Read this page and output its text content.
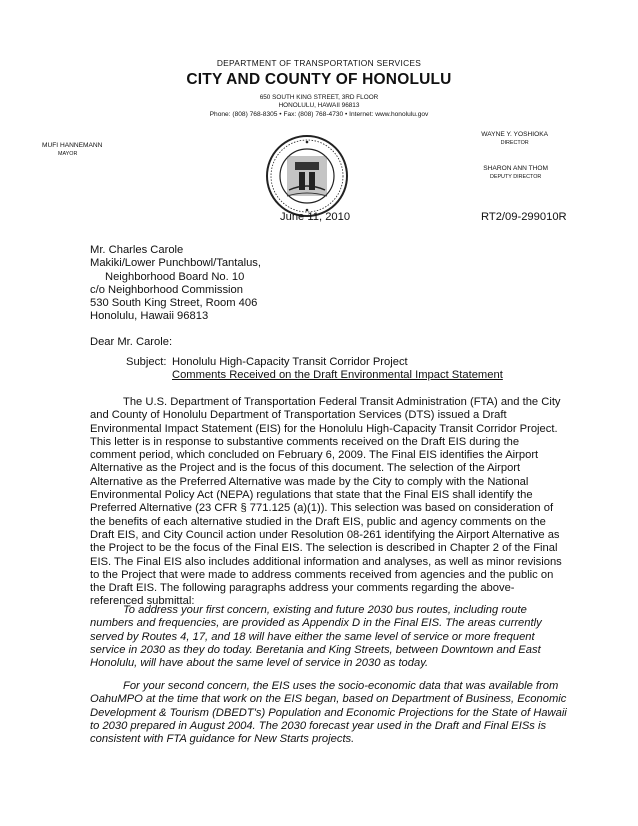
DEPARTMENT OF TRANSPORTATION SERVICES
CITY AND COUNTY OF HONOLULU
650 SOUTH KING STREET, 3RD FLOOR
HONOLULU, HAWAII 96813
Phone: (808) 768-8305 • Fax: (808) 768-4730 • Internet: www.honolulu.gov
MUFI HANNEMANN
MAYOR
WAYNE Y. YOSHIOKA
DIRECTOR
SHARON ANN THOM
DEPUTY DIRECTOR
June 11, 2010	RT2/09-299010R
Mr. Charles Carole
Makiki/Lower Punchbowl/Tantalus,
Neighborhood Board No. 10
c/o Neighborhood Commission
530 South King Street, Room 406
Honolulu, Hawaii 96813
Dear Mr. Carole:
Subject: Honolulu High-Capacity Transit Corridor Project
Comments Received on the Draft Environmental Impact Statement
The U.S. Department of Transportation Federal Transit Administration (FTA) and the City
and County of Honolulu Department of Transportation Services (DTS) issued a Draft
Environmental Impact Statement (EIS) for the Honolulu High-Capacity Transit Corridor Project.
This letter is in response to substantive comments received on the Draft EIS during the
comment period, which concluded on February 6, 2009. The Final EIS identifies the Airport
Alternative as the Project and is the focus of this document. The selection of the Airport
Alternative as the Preferred Alternative was made by the City to comply with the National
Environmental Policy Act (NEPA) regulations that state that the Final EIS shall identify the
Preferred Alternative (23 CFR § 771.125 (a)(1)). This selection was based on consideration of
the benefits of each alternative studied in the Draft EIS, public and agency comments on the
Draft EIS, and City Council action under Resolution 08-261 identifying the Airport Alternative as
the Project to be the focus of the Final EIS. The selection is described in Chapter 2 of the Final
EIS. The Final EIS also includes additional information and analyses, as well as minor revisions
to the Project that were made to address comments received from agencies and the public on
the Draft EIS. The following paragraphs address your comments regarding the above-
referenced submittal:
To address your first concern, existing and future 2030 bus routes, including route
numbers and frequencies, are provided as Appendix D in the Final EIS. The areas currently
served by Routes 4, 17, and 18 will have either the same level of service or more frequent
service in 2030 as they do today. Beretania and King Streets, between Downtown and East
Honolulu, will have about the same level of service in 2030 as today.
For your second concern, the EIS uses the socio-economic data that was available from
OahuMPO at the time that work on the EIS began, based on Department of Business, Economic
Development & Tourism (DBEDT's) Population and Economic Projections for the State of Hawaii
to 2030 prepared in August 2004. The 2030 forecast year used in the Draft and Final EISs is
consistent with FTA guidance for New Starts projects.
